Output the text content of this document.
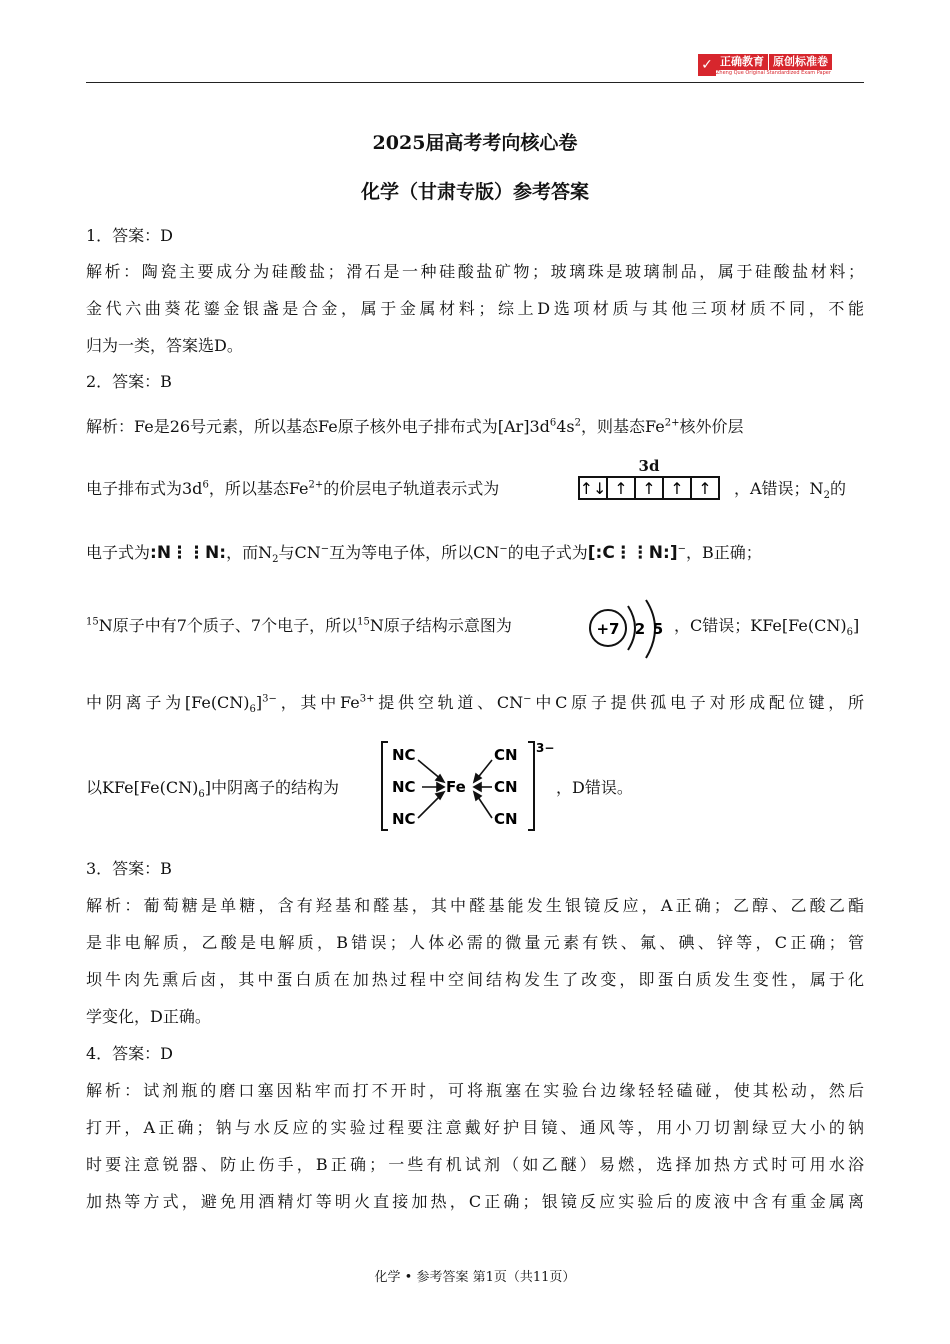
✓ 正确教育 原创标准卷
Zheng Que Original Standardized Exam Paper
2025届高考考向核心卷
化学（甘肃专版）参考答案
1．答案：D
解析：陶瓷主要成分为硅酸盐；滑石是一种硅酸盐矿物；玻璃珠是玻璃制品，属于硅酸盐材料；
金代六曲葵花鎏金银盏是合金，属于金属材料；综上D选项材质与其他三项材质不同，不能
归为一类，答案选D。
2．答案：B
解析：Fe是26号元素，所以基态Fe原子核外电子排布式为$[Ar]3d^64s^2$，则基态$Fe^{2+}$核外价层
电子排布式为$3d^6$，所以基态$Fe^{2+}$的价层电子轨道表示式为
3d
↑↓ ↑ ↑ ↑ ↑ ，A错误；$N_2$的
电子式为:N⋮⋮N:，而$N_2$与CN−互为等电子体，所以CN−的电子式为[:C⋮⋮N:]−，B正确；
$^{15}$N原子中有7个质子、7个电子，所以$^{15}$N原子结构示意图为	+7 2 5 ，C错误；$KFe[Fe(CN)_6]$
中阴离子为$[Fe(CN)_6]^{3-}$，其中$Fe^{3+}$提供空轨道、CN−中C原子提供孤电子对形成配位键，所
以$KFe[Fe(CN)_6]$中阴离子的结构为
3−
NC
NC
NC
Fe
CN
CN
CN
，D错误。
3．答案：B
解析：葡萄糖是单糖，含有羟基和醛基，其中醛基能发生银镜反应，A正确；乙醇、乙酸乙酯
是非电解质，乙酸是电解质，B错误；人体必需的微量元素有铁、氟、碘、锌等，C正确；管
坝牛肉先熏后卤，其中蛋白质在加热过程中空间结构发生了改变，即蛋白质发生变性，属于化
学变化，D正确。
4．答案：D
解析：试剂瓶的磨口塞因粘牢而打不开时，可将瓶塞在实验台边缘轻轻磕碰，使其松动，然后
打开，A正确；钠与水反应的实验过程要注意戴好护目镜、通风等，用小刀切割绿豆大小的钠
时要注意锐器、防止伤手，B正确；一些有机试剂（如乙醚）易燃，选择加热方式时可用水浴
加热等方式，避免用酒精灯等明火直接加热，C正确；银镜反应实验后的废液中含有重金属离
化学 • 参考答案 第1页（共11页）
